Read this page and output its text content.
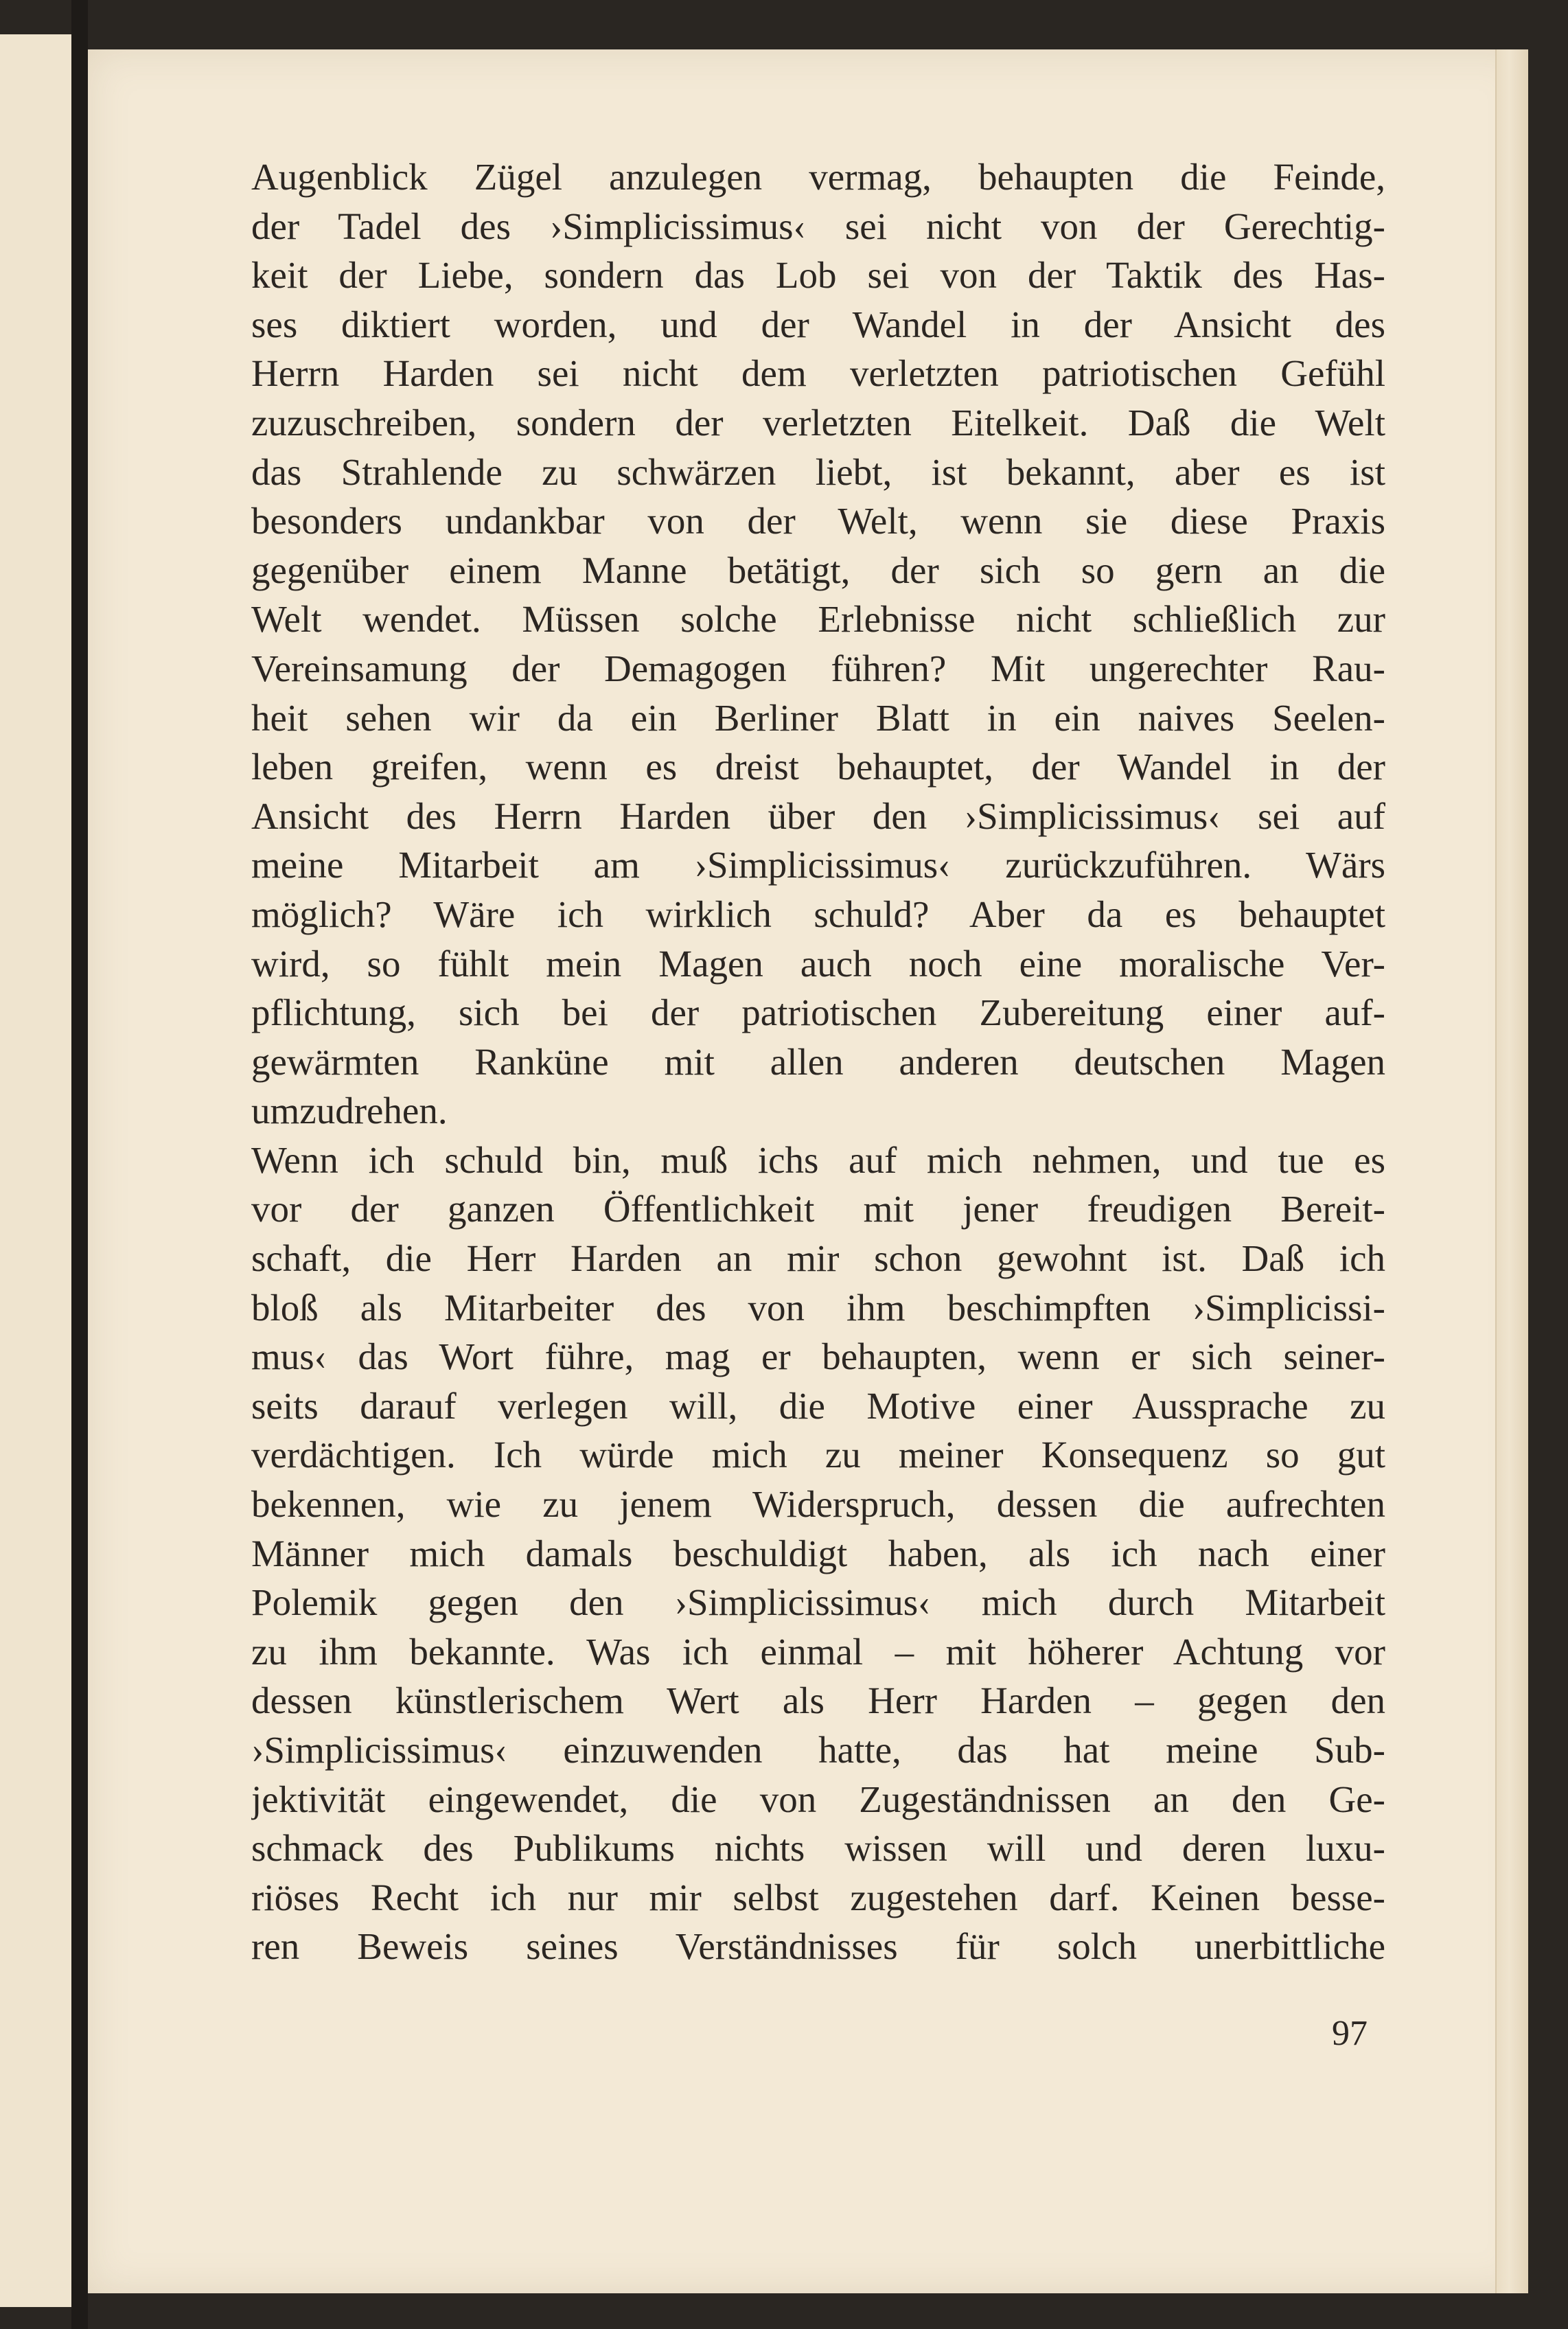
Augenblick Zügel anzulegen vermag, behaupten die Feinde,
der Tadel des ›Simplicissimus‹ sei nicht von der Gerechtig-
keit der Liebe, sondern das Lob sei von der Taktik des Has-
ses diktiert worden, und der Wandel in der Ansicht des
Herrn Harden sei nicht dem verletzten patriotischen Gefühl
zuzuschreiben, sondern der verletzten Eitelkeit. Daß die Welt
das Strahlende zu schwärzen liebt, ist bekannt, aber es ist
besonders undankbar von der Welt, wenn sie diese Praxis
gegenüber einem Manne betätigt, der sich so gern an die
Welt wendet. Müssen solche Erlebnisse nicht schließlich zur
Vereinsamung der Demagogen führen? Mit ungerechter Rau-
heit sehen wir da ein Berliner Blatt in ein naives Seelen-
leben greifen, wenn es dreist behauptet, der Wandel in der
Ansicht des Herrn Harden über den ›Simplicissimus‹ sei auf
meine Mitarbeit am ›Simplicissimus‹ zurückzuführen. Wärs
möglich? Wäre ich wirklich schuld? Aber da es behauptet
wird, so fühlt mein Magen auch noch eine moralische Ver-
pflichtung, sich bei der patriotischen Zubereitung einer auf-
gewärmten Ranküne mit allen anderen deutschen Magen
umzudrehen.
Wenn ich schuld bin, muß ichs auf mich nehmen, und tue es
vor der ganzen Öffentlichkeit mit jener freudigen Bereit-
schaft, die Herr Harden an mir schon gewohnt ist. Daß ich
bloß als Mitarbeiter des von ihm beschimpften ›Simplicissi-
mus‹ das Wort führe, mag er behaupten, wenn er sich seiner-
seits darauf verlegen will, die Motive einer Aussprache zu
verdächtigen. Ich würde mich zu meiner Konsequenz so gut
bekennen, wie zu jenem Widerspruch, dessen die aufrechten
Männer mich damals beschuldigt haben, als ich nach einer
Polemik gegen den ›Simplicissimus‹ mich durch Mitarbeit
zu ihm bekannte. Was ich einmal – mit höherer Achtung vor
dessen künstlerischem Wert als Herr Harden – gegen den
›Simplicissimus‹ einzuwenden hatte, das hat meine Sub-
jektivität eingewendet, die von Zugeständnissen an den Ge-
schmack des Publikums nichts wissen will und deren luxu-
riöses Recht ich nur mir selbst zugestehen darf. Keinen besse-
ren Beweis seines Verständnisses für solch unerbittliche
97
